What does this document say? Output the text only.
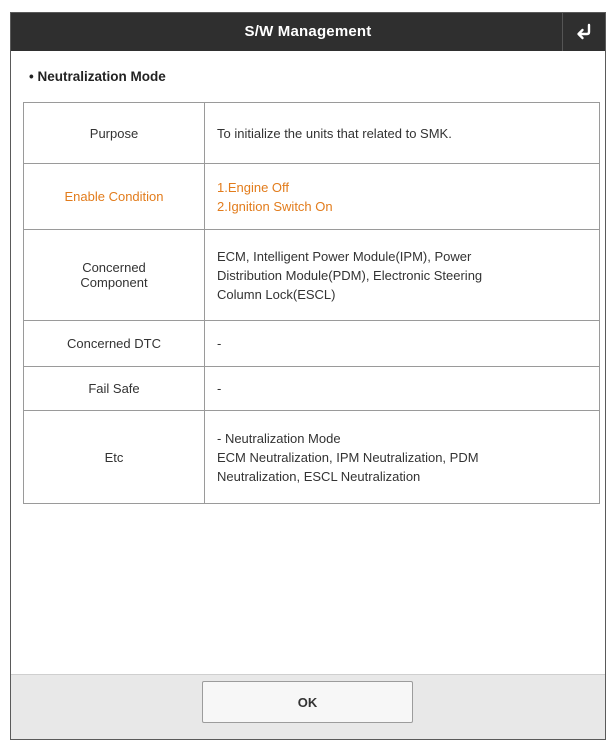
S/W Management
• Neutralization Mode
Purpose	To initialize the units that related to SMK.
Enable Condition	1.Engine Off
2.Ignition Switch On
Concerned
Component	ECM, Intelligent Power Module(IPM), Power
Distribution Module(PDM), Electronic Steering
Column Lock(ESCL)
Concerned DTC	-
Fail Safe	-
Etc	- Neutralization Mode
ECM Neutralization, IPM Neutralization, PDM
Neutralization, ESCL Neutralization
OK
